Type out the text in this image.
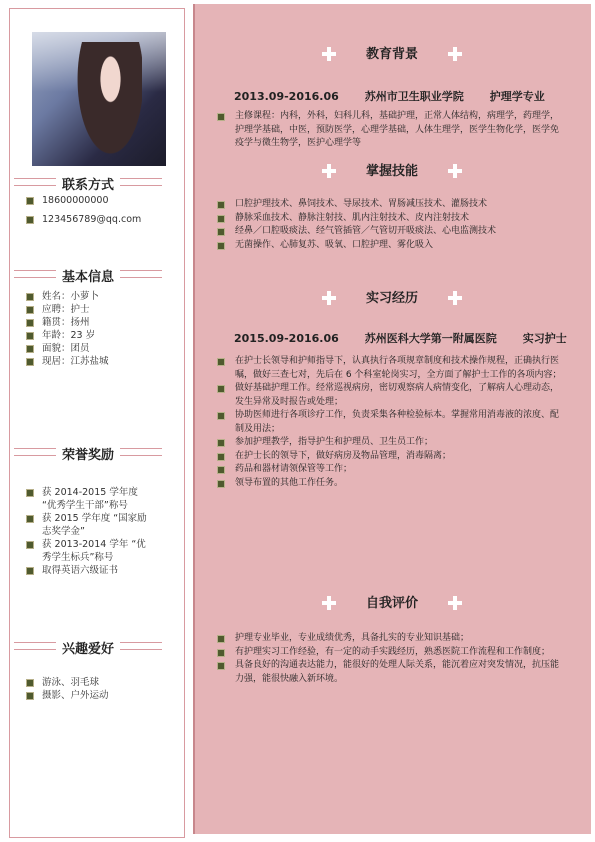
联系方式
18600000000
123456789@qq.com
基本信息
姓名：小萝卜
应聘：护士
籍贯：扬州
年龄：23 岁
面貌：团员
现居：江苏盐城
荣誉奖励
获 2014-2015 学年度 “优秀学生干部”称号
获 2015 学年度 “国家励志奖学金”
获 2013-2014 学年 “优秀学生标兵”称号
取得英语六级证书
兴趣爱好
游泳、羽毛球
摄影、户外运动
教育背景
2013.09-2016.06 苏州市卫生职业学院 护理学专业
主修课程：内科，外科，妇科儿科，基础护理，正常人体结构，病理学，药理学，护理学基础，中医，预防医学，心理学基础，人体生理学，医学生物化学，医学免疫学与微生物学，医护心理学等
掌握技能
口腔护理技术、鼻饲技术、导尿技术、胃肠减压技术、灌肠技术
静脉采血技术、静脉注射技、肌内注射技术、皮内注射技术
经鼻／口腔吸痰法、经气管插管／气管切开吸痰法、心电监测技术
无菌操作、心肺复苏、吸氧、口腔护理、雾化吸入
实习经历
2015.09-2016.06 苏州医科大学第一附属医院 实习护士
在护士长领导和护师指导下，认真执行各项规章制度和技术操作规程，正确执行医嘱，做好三查七对，先后在 6 个科室轮岗实习，全方面了解护士工作的各项内容；
做好基础护理工作。经常巡视病房，密切观察病人病情变化，了解病人心理动态，发生异常及时报告或处理；
协助医师进行各项诊疗工作，负责采集各种检验标本。掌握常用消毒液的浓度、配制及用法；
参加护理教学，指导护生和护理员、卫生员工作；
在护士长的领导下，做好病房及物品管理，消毒隔离；
药品和器材请领保管等工作；
领导布置的其他工作任务。
自我评价
护理专业毕业，专业成绩优秀，具备扎实的专业知识基础；
有护理实习工作经验，有一定的动手实践经历，熟悉医院工作流程和工作制度；
具备良好的沟通表达能力，能很好的处理人际关系，能沉着应对突发情况，抗压能力强，能很快融入新环境。
